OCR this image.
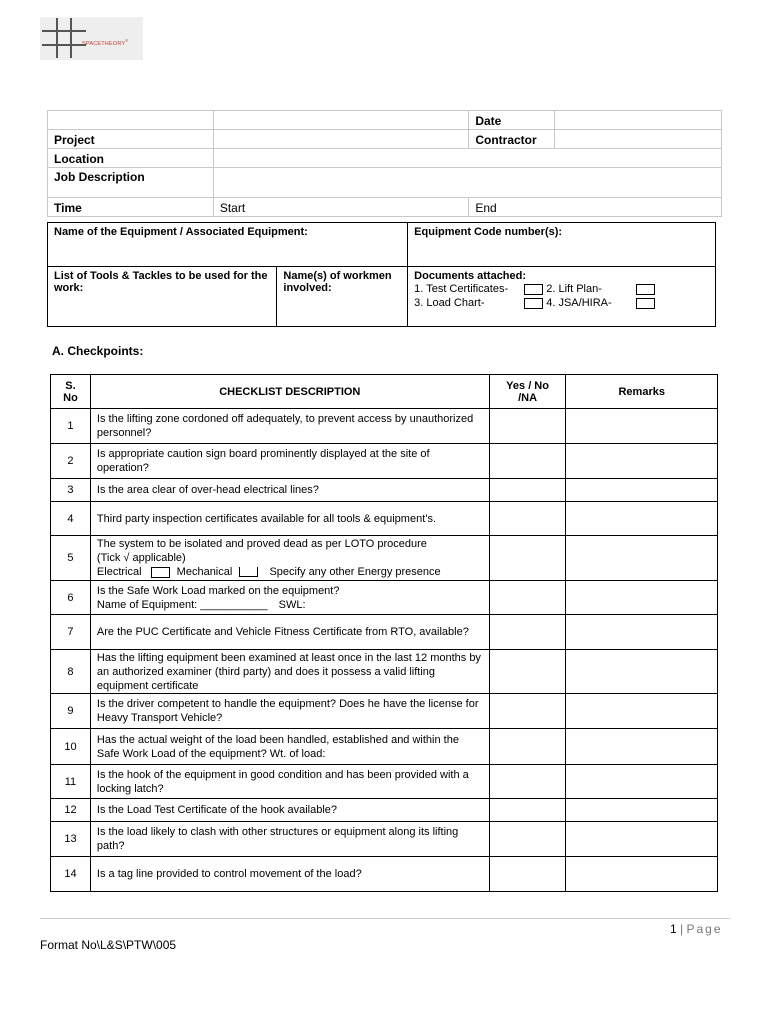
SPACETHEORY®
		Date	
Project		Contractor	
Location			
Job Description			
Time	Start	End	
Name of the Equipment / Associated Equipment:		Equipment Code number(s):
List of Tools & Tackles to be used for the work:	Name(s) of workmen involved:	Documents attached:
1. Test Certificates- 2. Lift Plan-
3. Load Chart- 4. JSA/HIRA-
A. Checkpoints:
S. No	CHECKLIST DESCRIPTION	Yes / No /NA	Remarks
1	Is the lifting zone cordoned off adequately, to prevent access by unauthorized personnel?		
2	Is appropriate caution sign board prominently displayed at the site of operation?		
3	Is the area clear of over-head electrical lines?		
4	Third party inspection certificates available for all tools & equipment’s.		
5	The system to be isolated and proved dead as per LOTO procedure
(Tick √ applicable)
Electrical Mechanical Specify any other Energy presence		

6	Is the Safe Work Load marked on the equipment?
Name of Equipment: ___________ SWL:		

7	Are the PUC Certificate and Vehicle Fitness Certificate from RTO, available?		
8	Has the lifting equipment been examined at least once in the last 12 months by an authorized examiner (third party) and does it possess a valid lifting equipment certificate		
9	Is the driver competent to handle the equipment? Does he have the license for Heavy Transport Vehicle?		
10	Has the actual weight of the load been handled, established and within the Safe Work Load of the equipment? Wt. of load:		
11	Is the hook of the equipment in good condition and has been provided with a locking latch?		
12	Is the Load Test Certificate of the hook available?		
13	Is the load likely to clash with other structures or equipment along its lifting path?		
14	Is a tag line provided to control movement of the load?		
1 | Page
Format No\L&S\PTW\005
